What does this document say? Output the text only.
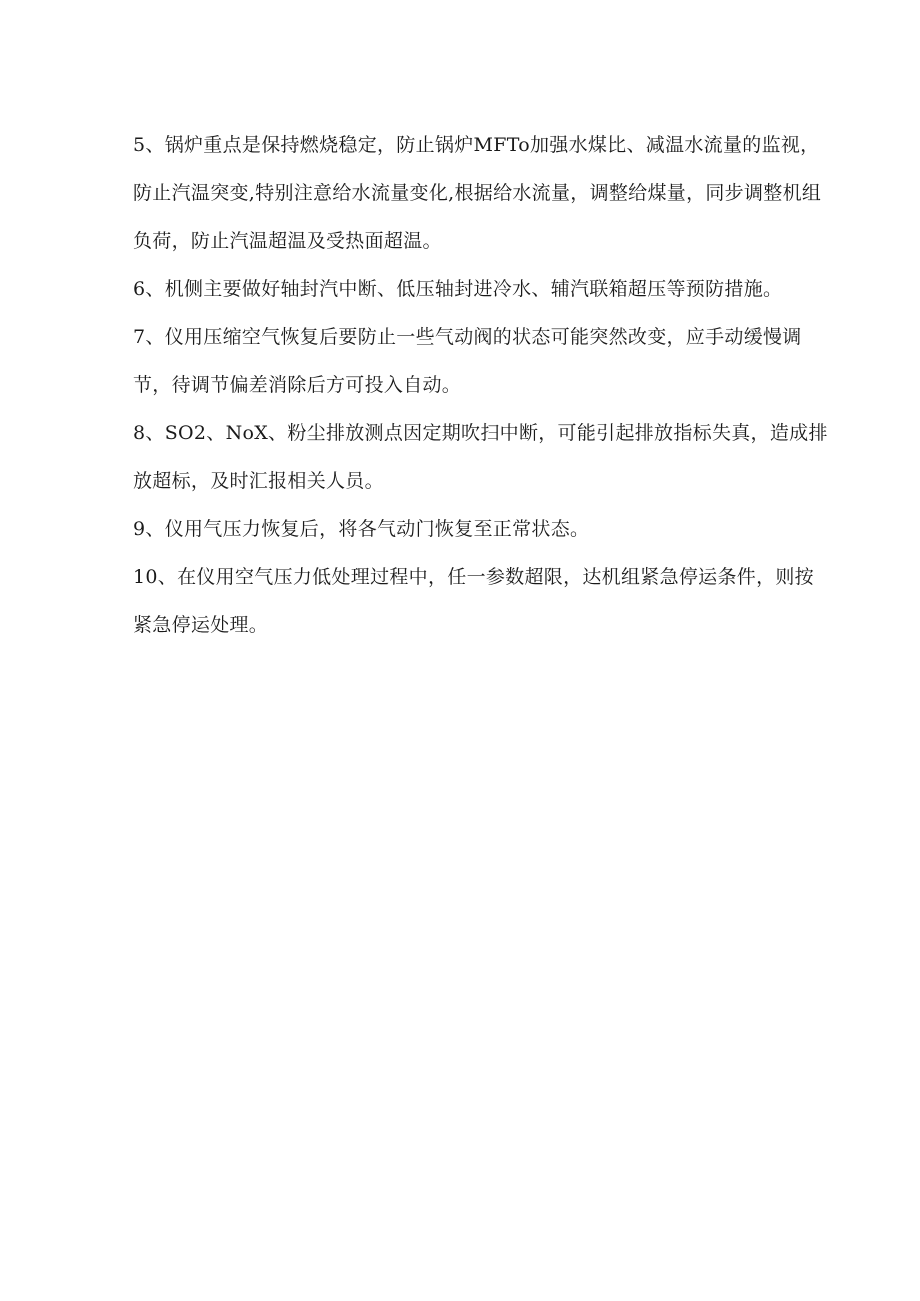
5、锅炉重点是保持燃烧稳定，防止锅炉MFTo加强水煤比、减温水流量的监视，防止汽温突变,特别注意给水流量变化,根据给水流量，调整给煤量，同步调整机组负荷，防止汽温超温及受热面超温。

6、机侧主要做好轴封汽中断、低压轴封进冷水、辅汽联箱超压等预防措施。

7、仪用压缩空气恢复后要防止一些气动阀的状态可能突然改变，应手动缓慢调节，待调节偏差消除后方可投入自动。

8、SO2、NoX、粉尘排放测点因定期吹扫中断，可能引起排放指标失真，造成排放超标，及时汇报相关人员。

9、仪用气压力恢复后，将各气动门恢复至正常状态。

10、在仪用空气压力低处理过程中，任一参数超限，达机组紧急停运条件，则按紧急停运处理。
